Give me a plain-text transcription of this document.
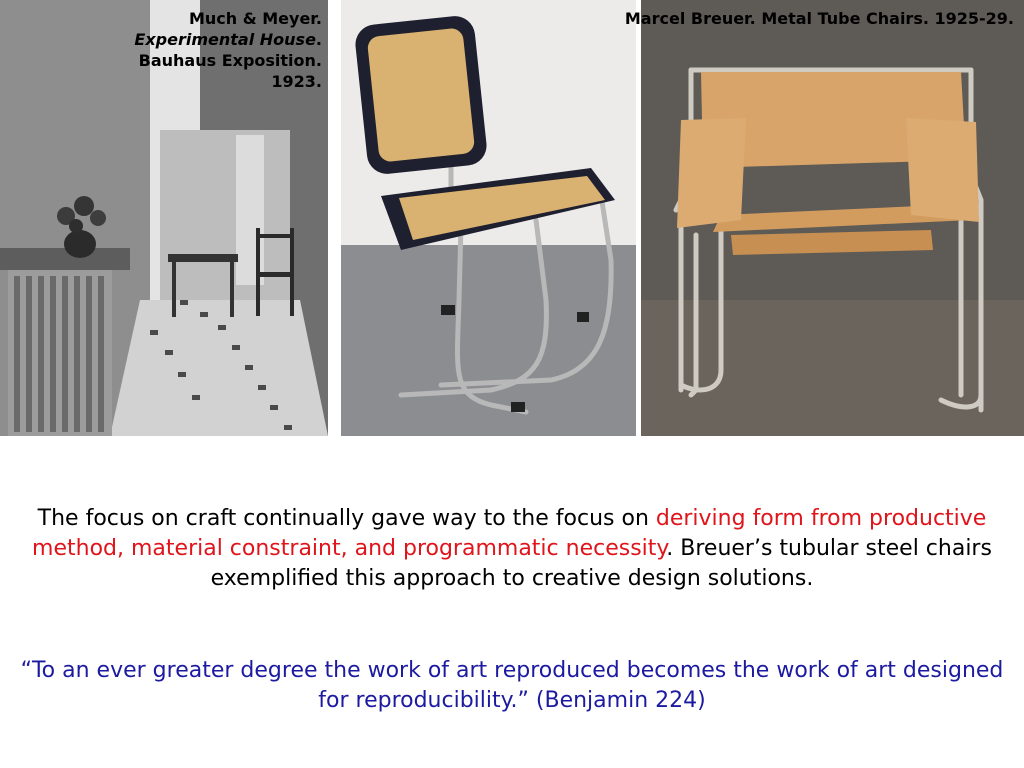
Much & Meyer.
Experimental House. Bauhaus Exposition. 1923.
Marcel Breuer. Metal Tube Chairs. 1925-29.
The focus on craft continually gave way to the focus on deriving form from productive method, material constraint, and programmatic necessity. Breuer’s tubular steel chairs exemplified this approach to creative design solutions.
“To an ever greater degree the work of art reproduced becomes the work of art designed for reproducibility.” (Benjamin 224)
